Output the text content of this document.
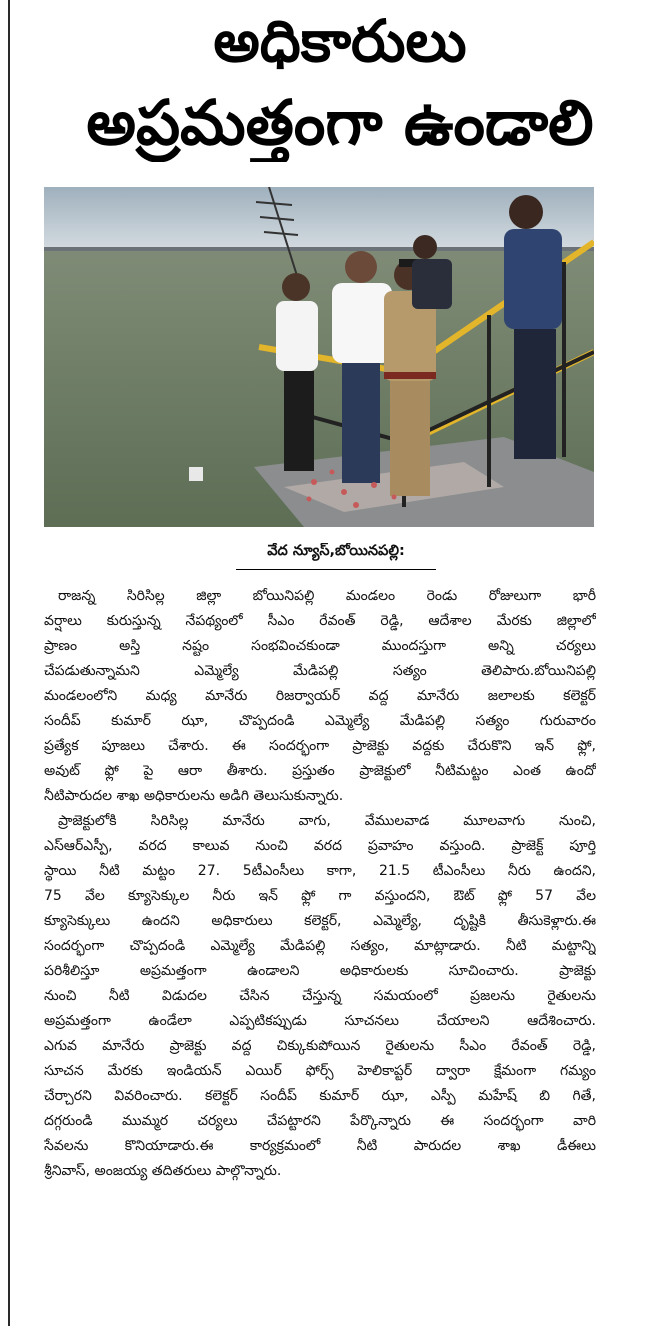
అధికారులు
అప్రమత్తంగా ఉండాలి
వేద న్యూస్,బోయినపల్లి:
రాజన్న సిరిసిల్ల జిల్లా బోయినిపల్లి మండలం రెండు రోజులుగా భారీ
వర్షాలు కురుస్తున్న నేపథ్యంలో సీఎం రేవంత్ రెడ్డి, ఆదేశాల మేరకు జిల్లాలో
ప్రాణం అస్తి నష్టం సంభవించకుండా ముందస్తుగా అన్ని చర్యలు
చేపడుతున్నామని ఎమ్మెల్యే మేడిపల్లి సత్యం తెలిపారు.బోయినిపల్లి
మండలంలోని మధ్య మానేరు రిజర్వాయర్ వద్ద మానేరు జలాలకు కలెక్టర్
సందీప్ కుమార్ ఝా, చొప్పదండి ఎమ్మెల్యే మేడిపల్లి సత్యం గురువారం
ప్రత్యేక పూజలు చేశారు. ఈ సందర్భంగా ప్రాజెక్టు వద్దకు చేరుకొని ఇన్ ఫ్లో,
అవుట్ ఫ్లో పై ఆరా తీశారు. ప్రస్తుతం ప్రాజెక్టులో నీటిమట్టం ఎంత ఉందో
నీటిపారుదల శాఖ అధికారులను అడిగి తెలుసుకున్నారు.
ప్రాజెక్టులోకి సిరిసిల్ల మానేరు వాగు, వేములవాడ మూలవాగు నుంచి,
ఎస్ఆర్ఎస్పీ, వరద కాలువ నుంచి వరద ప్రవాహం వస్తుంది. ప్రాజెక్ట్ పూర్తి
స్థాయి నీటి మట్టం 27. 5టీఎంసీలు కాగా, 21.5 టీఎంసీలు నీరు ఉందని,
75 వేల క్యూసెక్కుల నీరు ఇన్ ఫ్లో గా వస్తుందని, ఔట్ ఫ్లో 57 వేల
క్యూసెక్కులు ఉందని అధికారులు కలెక్టర్, ఎమ్మెల్యే, దృష్టికి తీసుకెళ్లారు.ఈ
సందర్భంగా చొప్పదండి ఎమ్మెల్యే మేడిపల్లి సత్యం, మాట్లాడారు. నీటి మట్టాన్ని
పరిశీలిస్తూ అప్రమత్తంగా ఉండాలని అధికారులకు సూచించారు. ప్రాజెక్టు
నుంచి నీటి విడుదల చేసిన చేస్తున్న సమయంలో ప్రజలను రైతులను
అప్రమత్తంగా ఉండేలా ఎప్పటికప్పుడు సూచనలు చేయాలని ఆదేశించారు.
ఎగువ మానేరు ప్రాజెక్టు వద్ద చిక్కుకుపోయిన రైతులను సీఎం రేవంత్ రెడ్డి,
సూచన మేరకు ఇండియన్ ఎయిర్ ఫోర్స్ హెలికాప్టర్ ద్వారా క్షేమంగా గమ్యం
చేర్చారని వివరించారు. కలెక్టర్ సందీప్ కుమార్ ఝా, ఎస్పీ మహేష్ బి గితే,
దగ్గరుండి ముమ్మర చర్యలు చేపట్టారని పేర్కొన్నారు ఈ సందర్భంగా వారి
సేవలను కొనియాడారు.ఈ కార్యక్రమంలో నీటి పారుదల శాఖ డీఈలు
శ్రీనివాస్, అంజయ్య తదితరులు పాల్గొన్నారు.
